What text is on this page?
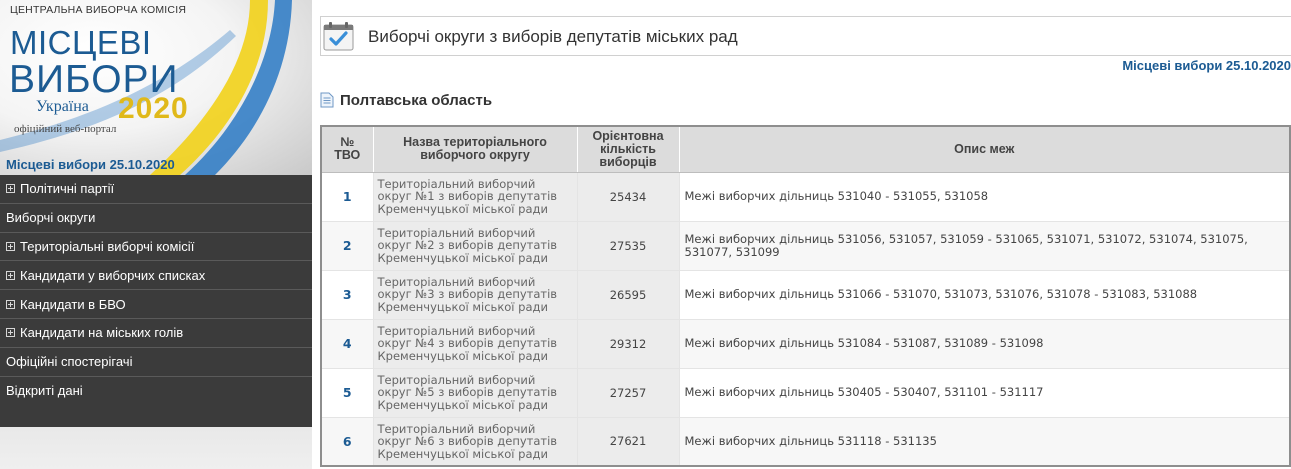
ЦЕНТРАЛЬНА ВИБОРЧА КОМІСІЯ
МІСЦЕВІ
ВИБОРИ
Україна 2020
офіційний веб-портал
Місцеві вибори 25.10.2020
Політичні партії
Виборчі округи
Територіальні виборчі комісії
Кандидати у виборчих списках
Кандидати в БВО
Кандидати на міських голів
Офіційні спостерігачі
Відкриті дані
Виборчі округи з виборів депутатів міських рад
Місцеві вибори 25.10.2020
Полтавська область
№ ТВО	Назва територіального виборчого округу	Орієнтовна кількість виборців	Опис меж
1	Територіальний виборчий округ №1 з виборів депутатів Кременчуцької міської ради	25434	Межі виборчих дільниць 531040 - 531055, 531058
2	Територіальний виборчий округ №2 з виборів депутатів Кременчуцької міської ради	27535	Межі виборчих дільниць 531056, 531057, 531059 - 531065, 531071, 531072, 531074, 531075, 531077, 531099
3	Територіальний виборчий округ №3 з виборів депутатів Кременчуцької міської ради	26595	Межі виборчих дільниць 531066 - 531070, 531073, 531076, 531078 - 531083, 531088
4	Територіальний виборчий округ №4 з виборів депутатів Кременчуцької міської ради	29312	Межі виборчих дільниць 531084 - 531087, 531089 - 531098
5	Територіальний виборчий округ №5 з виборів депутатів Кременчуцької міської ради	27257	Межі виборчих дільниць 530405 - 530407, 531101 - 531117
6	Територіальний виборчий округ №6 з виборів депутатів Кременчуцької міської ради	27621	Межі виборчих дільниць 531118 - 531135
